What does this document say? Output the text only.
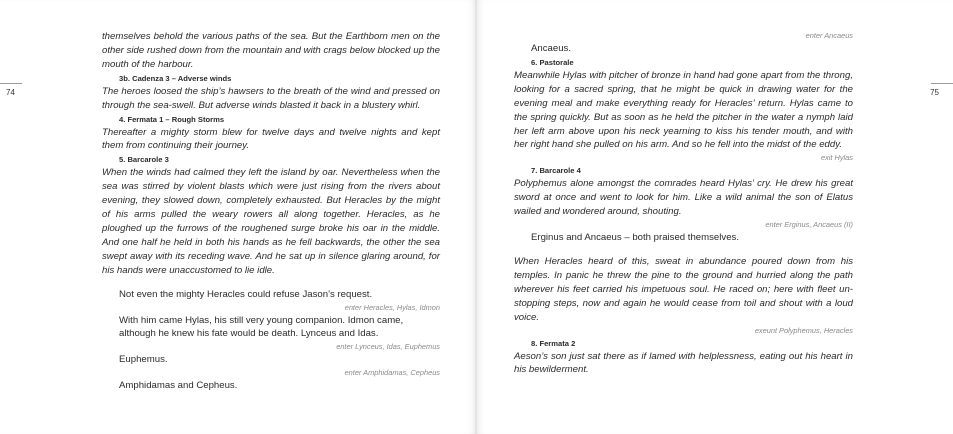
74

themselves behold the various paths of the sea. But the Earthborn men on the other side rushed down from the mountain and with crags below blocked up the mouth of the harbour.

3b. Cadenza 3 – Adverse winds

The heroes loosed the ship’s hawsers to the breath of the wind and pressed on through the sea-swell. But adverse winds blasted it back in a blustery whirl.

4. Fermata 1 – Rough Storms

Thereafter a mighty storm blew for twelve days and twelve nights and kept them from continuing their journey.

5. Barcarole 3

When the winds had calmed they left the island by oar. Nevertheless when the sea was stirred by violent blasts which were just rising from the rivers about evening, they slowed down, completely exhausted. But Heracles by the might of his arms pulled the weary rowers all along together. Heracles, as he ploughed up the furrows of the roughened surge broke his oar in the middle. And one half he held in both his hands as he fell backwards, the other the sea swept away with its receding wave. And he sat up in silence glaring around, for his hands were unaccustomed to lie idle.

Not even the mighty Heracles could refuse Jason’s request.

enter Heracles, Hylas, Idmon

With him came Hylas, his still very young companion. Idmon came, although he knew his fate would be death. Lynceus and Idas.

enter Lynceus, Idas, Euphemus

Euphemus.

enter Amphidamas, Cepheus

Amphidamas and Cepheus.

75

enter Ancaeus

Ancaeus.

6. Pastorale

Meanwhile Hylas with pitcher of bronze in hand had gone apart from the throng, looking for a sacred spring, that he might be quick in drawing water for the evening meal and make everything ready for Heracles’ return. Hylas came to the spring quickly. But as soon as he held the pitcher in the water a nymph laid her left arm above upon his neck yearning to kiss his tender mouth, and with her right hand she pulled on his arm. And so he fell into the midst of the eddy.

exit Hylas

7. Barcarole 4

Polyphemus alone amongst the comrades heard Hylas’ cry. He drew his great sword at once and went to look for him. Like a wild animal the son of Elatus wailed and wondered around, shouting.

enter Erginus, Ancaeus (II)

Erginus and Ancaeus – both praised themselves.

When Heracles heard of this, sweat in abundance poured down from his temples. In panic he threw the pine to the ground and hurried along the path wherever his feet carried his impetuous soul. He raced on; here with fleet un-stopping steps, now and again he would cease from toil and shout with a loud voice.

exeunt Polyphemus, Heracles

8. Fermata 2

Aeson’s son just sat there as if lamed with helplessness, eating out his heart in his bewilderment.
